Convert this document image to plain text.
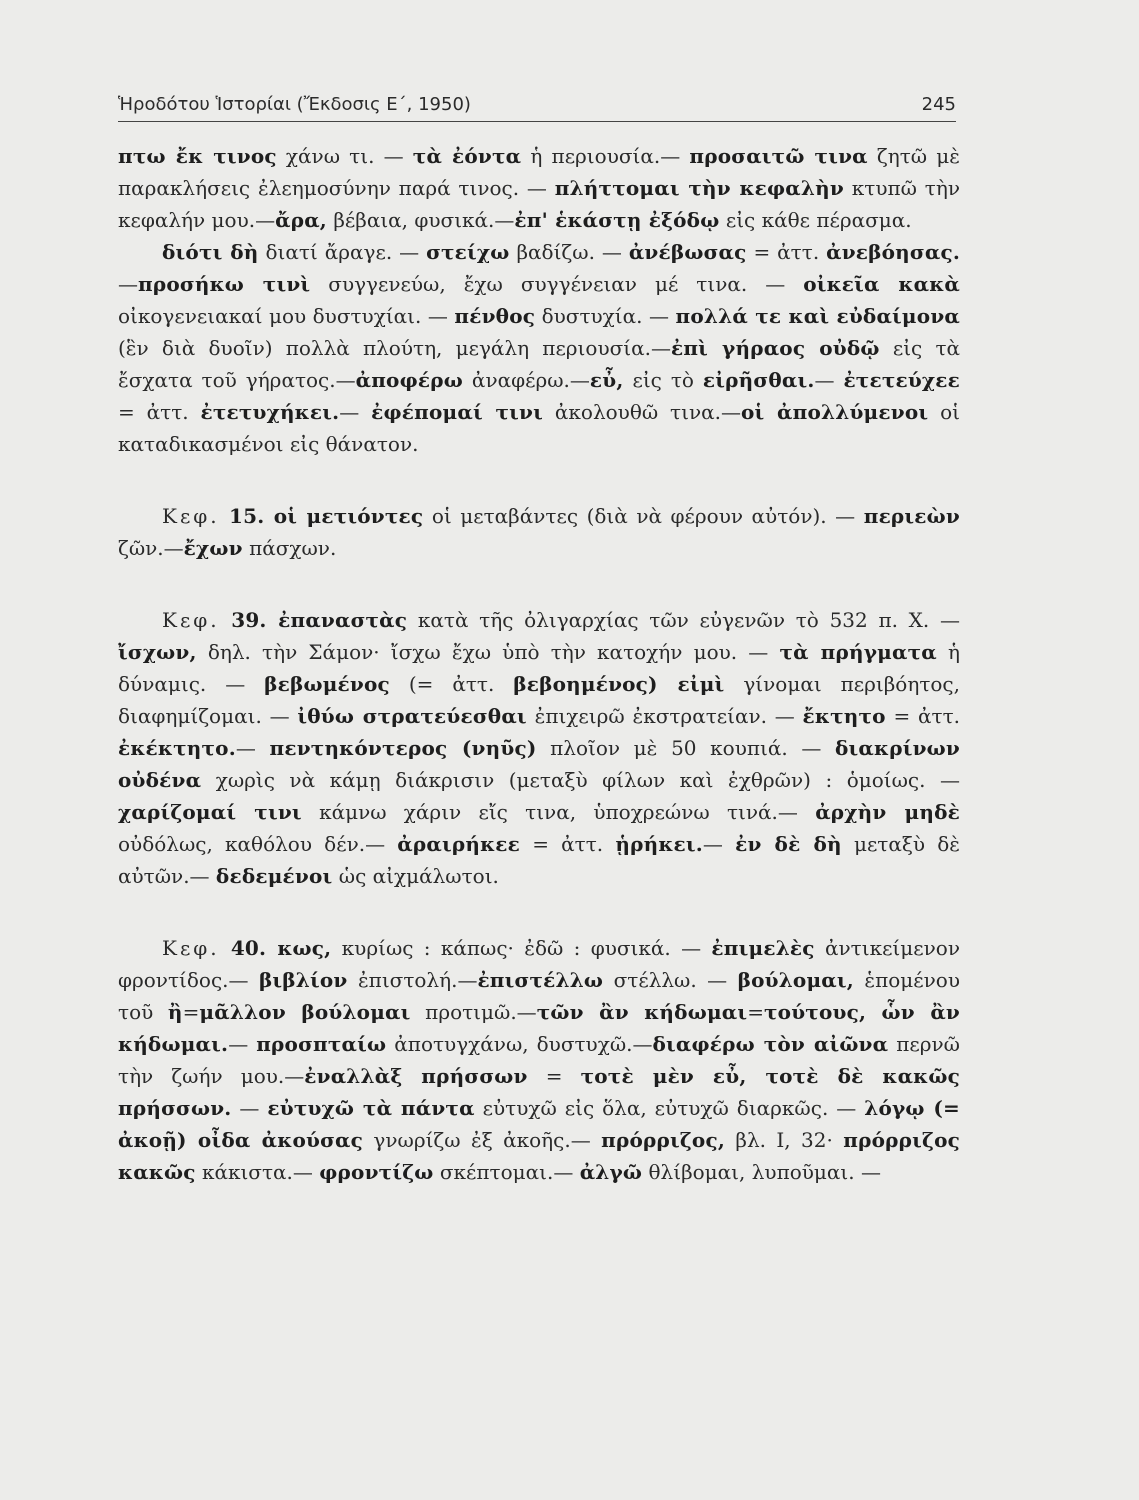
Ἡροδότου Ἱστορίαι (Ἔκδοσις Ε΄, 1950)	245

πτω ἔκ τινος χάνω τι. — τὰ ἐόντα ἡ περιουσία.— προσαιτῶ τινα ζητῶ μὲ παρακλήσεις ἐλεημοσύνην παρά τινος. — πλήττομαι τὴν κεφαλὴν κτυπῶ τὴν κεφαλήν μου.—ἄρα, βέβαια, φυσικά.—ἐπ' ἑκάστῃ ἐξόδῳ εἰς κάθε πέρασμα.

διότι δὴ διατί ἄραγε. — στείχω βαδίζω. — ἀνέβωσας = ἀττ. ἀνεβόησας.—προσήκω τινὶ συγγενεύω, ἔχω συγγένειαν μέ τινα. — οἰκεῖα κακὰ οἰκογενειακαί μου δυστυχίαι. — πένθος δυστυχία. — πολλά τε καὶ εὐδαίμονα (ἓν διὰ δυοῖν) πολλὰ πλούτη, μεγάλη περιουσία.—ἐπὶ γήραος οὐδῷ εἰς τὰ ἔσχατα τοῦ γήρατος.—ἀποφέρω ἀναφέρω.—εὖ, εἰς τὸ εἰρῆσθαι.— ἐτετεύχεε = ἀττ. ἐτετυχήκει.— ἐφέπομαί τινι ἀκολουθῶ τινα.—οἱ ἀπολλύμενοι οἱ καταδικασμένοι εἰς θάνατον.

Κεφ. 15. οἱ μετιόντες οἱ μεταβάντες (διὰ νὰ φέρουν αὐτόν). — περιεὼν ζῶν.—ἔχων πάσχων.

Κεφ. 39. ἐπαναστὰς κατὰ τῆς ὀλιγαρχίας τῶν εὐγενῶν τὸ 532 π. Χ. — ἴσχων, δηλ. τὴν Σάμον· ἴσχω ἔχω ὑπὸ τὴν κατοχήν μου. — τὰ πρήγματα ἡ δύναμις. — βεβωμένος (= ἀττ. βεβοημένος) εἰμὶ γίνομαι περιβόητος, διαφημίζομαι. — ἰθύω στρατεύεσθαι ἐπιχειρῶ ἐκστρατείαν. — ἔκτητο = ἀττ. ἐκέκτητο.— πεντηκόντερος (νηῦς) πλοῖον μὲ 50 κουπιά. — διακρίνων οὐδένα χωρὶς νὰ κάμῃ διάκρισιν (μεταξὺ φίλων καὶ ἐχθρῶν) : ὁμοίως. — χαρίζομαί τινι κάμνω χάριν εἴς τινα, ὑποχρεώνω τινά.— ἀρχὴν μηδὲ οὐδόλως, καθόλου δέν.— ἀραιρήκεε = ἀττ. ᾑρήκει.— ἐν δὲ δὴ μεταξὺ δὲ αὐτῶν.— δεδεμένοι ὡς αἰχμάλωτοι.

Κεφ. 40. κως, κυρίως : κάπως· ἐδῶ : φυσικά. — ἐπιμελὲς ἀντικείμενον φροντίδος.— βιβλίον ἐπιστολή.—ἐπιστέλλω στέλλω. — βούλομαι, ἑπομένου τοῦ ἢ=μᾶλλον βούλομαι προτιμῶ.—τῶν ἂν κήδωμαι=τούτους, ὧν ἂν κήδωμαι.— προσπταίω ἀποτυγχάνω, δυστυχῶ.—διαφέρω τὸν αἰῶνα περνῶ τὴν ζωήν μου.—ἐναλλὰξ πρήσσων = τοτὲ μὲν εὖ, τοτὲ δὲ κακῶς πρήσσων. — εὐτυχῶ τὰ πάντα εὐτυχῶ εἰς ὅλα, εὐτυχῶ διαρκῶς. — λόγῳ (= ἀκοῇ) οἶδα ἀκούσας γνωρίζω ἐξ ἀκοῆς.— πρόρριζος, βλ. Ι, 32· πρόρριζος κακῶς κάκιστα.— φροντίζω σκέπτομαι.— ἀλγῶ θλίβομαι, λυποῦμαι. —
